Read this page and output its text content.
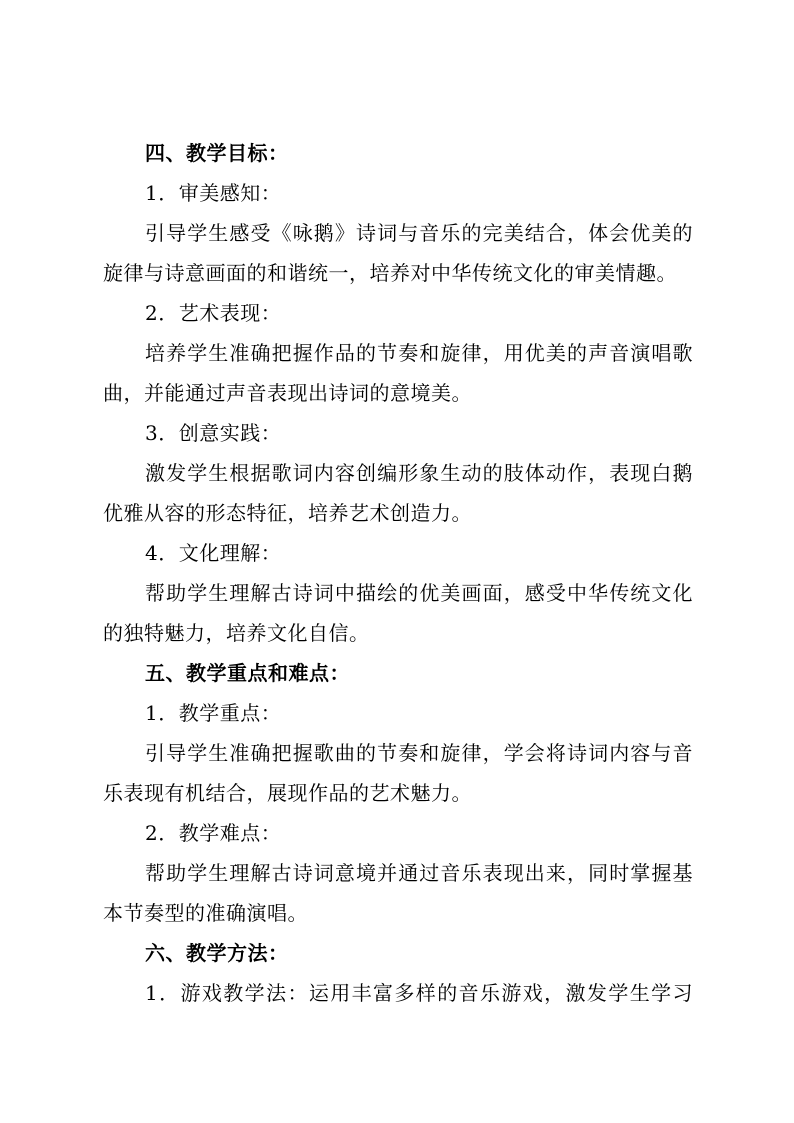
四、教学目标：
1．审美感知：
引导学生感受《咏鹅》诗词与音乐的完美结合，体会优美的
旋律与诗意画面的和谐统一，培养对中华传统文化的审美情趣。
2．艺术表现：
培养学生准确把握作品的节奏和旋律，用优美的声音演唱歌
曲，并能通过声音表现出诗词的意境美。
3．创意实践：
激发学生根据歌词内容创编形象生动的肢体动作，表现白鹅
优雅从容的形态特征，培养艺术创造力。
4．文化理解：
帮助学生理解古诗词中描绘的优美画面，感受中华传统文化
的独特魅力，培养文化自信。
五、教学重点和难点：
1．教学重点：
引导学生准确把握歌曲的节奏和旋律，学会将诗词内容与音
乐表现有机结合，展现作品的艺术魅力。
2．教学难点：
帮助学生理解古诗词意境并通过音乐表现出来，同时掌握基
本节奏型的准确演唱。
六、教学方法：
1．游戏教学法：运用丰富多样的音乐游戏，激发学生学习
